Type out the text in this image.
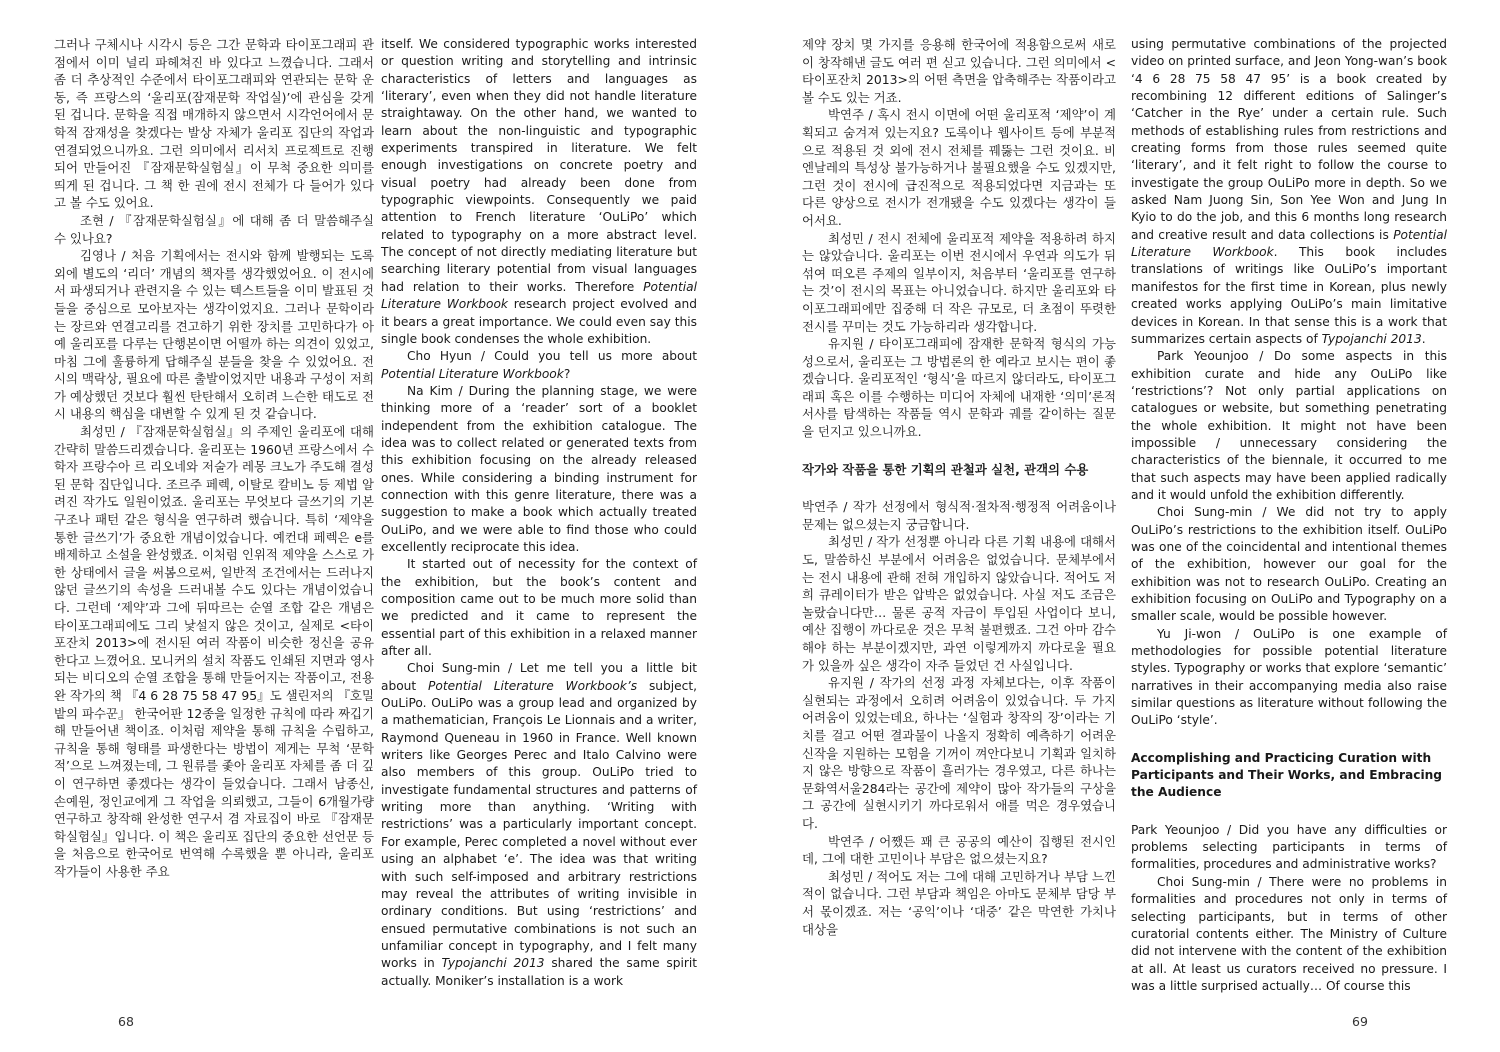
그러나 구체시나 시각시 등은 그간 문학과 타이포그래피 관점에서 이미 널리 파헤쳐진 바 있다고 느꼈습니다. 그래서 좀 더 추상적인 수준에서 타이포그래피와 연관되는 문학 운동, 즉 프랑스의 ‘울리포(잠재문학 작업실)’에 관심을 갖게 된 겁니다. 문학을 직접 매개하지 않으면서 시각언어에서 문학적 잠재성을 찾겠다는 발상 자체가 울리포 집단의 작업과 연결되었으니까요. 그런 의미에서 리서치 프로젝트로 진행되어 만들어진 『잠재문학실험실』이 무척 중요한 의미를 띄게 된 겁니다. 그 책 한 권에 전시 전체가 다 들어가 있다고 볼 수도 있어요.

조현 / 『잠재문학실험실』에 대해 좀 더 말씀해주실 수 있나요?

김영나 / 처음 기획에서는 전시와 함께 발행되는 도록 외에 별도의 ‘리더’ 개념의 책자를 생각했었어요. 이 전시에서 파생되거나 관련지을 수 있는 텍스트들을 이미 발표된 것들을 중심으로 모아보자는 생각이었지요. 그러나 문학이라는 장르와 연결고리를 견고하기 위한 장치를 고민하다가 아예 울리포를 다루는 단행본이면 어떨까 하는 의견이 있었고, 마침 그에 훌륭하게 답해주실 분들을 찾을 수 있었어요. 전시의 맥락상, 필요에 따른 출발이었지만 내용과 구성이 저희가 예상했던 것보다 훨씬 탄탄해서 오히려 느슨한 태도로 전시 내용의 핵심을 대변할 수 있게 된 것 같습니다.

최성민 / 『잠재문학실험실』의 주제인 울리포에 대해 간략히 말씀드리겠습니다. 울리포는 1960년 프랑스에서 수학자 프랑수아 르 리오네와 저술가 레몽 크노가 주도해 결성된 문학 집단입니다. 조르주 페렉, 이탈로 칼비노 등 제법 알려진 작가도 일원이었죠. 울리포는 무엇보다 글쓰기의 기본 구조나 패턴 같은 형식을 연구하려 했습니다. 특히 ‘제약을 통한 글쓰기’가 중요한 개념이었습니다. 예컨대 페렉은 e를 배제하고 소설을 완성했죠. 이처럼 인위적 제약을 스스로 가한 상태에서 글을 써봄으로써, 일반적 조건에서는 드러나지 않던 글쓰기의 속성을 드러내볼 수도 있다는 개념이었습니다. 그런데 ‘제약’과 그에 뒤따르는 순열 조합 같은 개념은 타이포그래피에도 그리 낯설지 않은 것이고, 실제로 <타이포잔치 2013>에 전시된 여러 작품이 비슷한 정신을 공유한다고 느꼈어요. 모니커의 설치 작품도 인쇄된 지면과 영사되는 비디오의 순열 조합을 통해 만들어지는 작품이고, 전용완 작가의 책 『4 6 28 75 58 47 95』도 샐린저의 『호밀밭의 파수꾼』 한국어판 12종을 일정한 규칙에 따라 짜깁기해 만들어낸 책이죠. 이처럼 제약을 통해 규칙을 수립하고, 규칙을 통해 형태를 파생한다는 방법이 제게는 무척 ‘문학적’으로 느껴졌는데, 그 원류를 좇아 울리포 자체를 좀 더 깊이 연구하면 좋겠다는 생각이 들었습니다. 그래서 남종신, 손예원, 정인교에게 그 작업을 의뢰했고, 그들이 6개월가량 연구하고 창작해 완성한 연구서 겸 자료집이 바로 『잠재문학실험실』입니다. 이 책은 울리포 집단의 중요한 선언문 등을 처음으로 한국어로 번역해 수록했을 뿐 아니라, 울리포 작가들이 사용한 주요

itself. We considered typographic works interested or question writing and storytelling and intrinsic characteristics of letters and languages as ‘literary’, even when they did not handle literature straightaway. On the other hand, we wanted to learn about the non-linguistic and typographic experiments transpired in literature. We felt enough investigations on concrete poetry and visual poetry had already been done from typographic viewpoints. Consequently we paid attention to French literature ‘OuLiPo’ which related to typography on a more abstract level. The concept of not directly mediating literature but searching literary potential from visual languages had relation to their works. Therefore Potential Literature Workbook research project evolved and it bears a great importance. We could even say this single book condenses the whole exhibition.

Cho Hyun / Could you tell us more about Potential Literature Workbook?

Na Kim / During the planning stage, we were thinking more of a ‘reader’ sort of a booklet independent from the exhibition catalogue. The idea was to collect related or generated texts from this exhibition focusing on the already released ones. While considering a binding instrument for connection with this genre literature, there was a suggestion to make a book which actually treated OuLiPo, and we were able to find those who could excellently reciprocate this idea.

It started out of necessity for the context of the exhibition, but the book’s content and composition came out to be much more solid than we predicted and it came to represent the essential part of this exhibition in a relaxed manner after all.

Choi Sung-min / Let me tell you a little bit about Potential Literature Workbook’s subject, OuLiPo. OuLiPo was a group lead and organized by a mathematician, François Le Lionnais and a writer, Raymond Queneau in 1960 in France. Well known writers like Georges Perec and Italo Calvino were also members of this group. OuLiPo tried to investigate fundamental structures and patterns of writing more than anything. ‘Writing with restrictions’ was a particularly important concept. For example, Perec completed a novel without ever using an alphabet ‘e’. The idea was that writing with such self-imposed and arbitrary restrictions may reveal the attributes of writing invisible in ordinary conditions. But using ‘restrictions’ and ensued permutative combinations is not such an unfamiliar concept in typography, and I felt many works in Typojanchi 2013 shared the same spirit actually. Moniker’s installation is a work

제약 장치 몇 가지를 응용해 한국어에 적용함으로써 새로이 창작해낸 글도 여러 편 싣고 있습니다. 그런 의미에서 <타이포잔치 2013>의 어떤 측면을 압축해주는 작품이라고 볼 수도 있는 거죠.

박연주 / 혹시 전시 이면에 어떤 울리포적 ‘제약’이 계획되고 숨겨져 있는지요? 도록이나 웹사이트 등에 부분적으로 적용된 것 외에 전시 전체를 꿰뚫는 그런 것이요. 비엔날레의 특성상 불가능하거나 불필요했을 수도 있겠지만, 그런 것이 전시에 급진적으로 적용되었다면 지금과는 또 다른 양상으로 전시가 전개됐을 수도 있겠다는 생각이 들어서요.

최성민 / 전시 전체에 울리포적 제약을 적용하려 하지는 않았습니다. 울리포는 이번 전시에서 우연과 의도가 뒤섞여 떠오른 주제의 일부이지, 처음부터 ‘울리포를 연구하는 것’이 전시의 목표는 아니었습니다. 하지만 울리포와 타이포그래피에만 집중해 더 작은 규모로, 더 초점이 뚜렷한 전시를 꾸미는 것도 가능하리라 생각합니다.

유지원 / 타이포그래피에 잠재한 문학적 형식의 가능성으로서, 울리포는 그 방법론의 한 예라고 보시는 편이 좋겠습니다. 울리포적인 ‘형식’을 따르지 않더라도, 타이포그래피 혹은 이를 수행하는 미디어 자체에 내재한 ‘의미’론적 서사를 탐색하는 작품들 역시 문학과 궤를 같이하는 질문을 던지고 있으니까요.

작가와 작품을 통한 기획의 관철과 실천, 관객의 수용

박연주 / 작가 선정에서 형식적·절차적·행정적 어려움이나 문제는 없으셨는지 궁금합니다.

최성민 / 작가 선정뿐 아니라 다른 기획 내용에 대해서도, 말씀하신 부분에서 어려움은 없었습니다. 문체부에서는 전시 내용에 관해 전혀 개입하지 않았습니다. 적어도 저희 큐레이터가 받은 압박은 없었습니다. 사실 저도 조금은 놀랐습니다만… 물론 공적 자금이 투입된 사업이다 보니, 예산 집행이 까다로운 것은 무척 불편했죠. 그건 아마 감수해야 하는 부분이겠지만, 과연 이렇게까지 까다로울 필요가 있을까 싶은 생각이 자주 들었던 건 사실입니다.

유지원 / 작가의 선정 과정 자체보다는, 이후 작품이 실현되는 과정에서 오히려 어려움이 있었습니다. 두 가지 어려움이 있었는데요, 하나는 ‘실험과 창작의 장’이라는 기치를 걸고 어떤 결과물이 나올지 정확히 예측하기 어려운 신작을 지원하는 모험을 기꺼이 껴안다보니 기획과 일치하지 않은 방향으로 작품이 흘러가는 경우였고, 다른 하나는 문화역서울284라는 공간에 제약이 많아 작가들의 구상을 그 공간에 실현시키기 까다로워서 애를 먹은 경우였습니다.

박연주 / 어쨌든 꽤 큰 공공의 예산이 집행된 전시인데, 그에 대한 고민이나 부담은 없으셨는지요?

최성민 / 적어도 저는 그에 대해 고민하거나 부담 느낀 적이 없습니다. 그런 부담과 책임은 아마도 문체부 담당 부서 몫이겠죠. 저는 ‘공익’이나 ‘대중’ 같은 막연한 가치나 대상을

using permutative combinations of the projected video on printed surface, and Jeon Yong-wan’s book ‘4 6 28 75 58 47 95’ is a book created by recombining 12 different editions of Salinger’s ‘Catcher in the Rye’ under a certain rule. Such methods of establishing rules from restrictions and creating forms from those rules seemed quite ‘literary’, and it felt right to follow the course to investigate the group OuLiPo more in depth. So we asked Nam Juong Sin, Son Yee Won and Jung In Kyio to do the job, and this 6 months long research and creative result and data collections is Potential Literature Workbook. This book includes translations of writings like OuLiPo’s important manifestos for the first time in Korean, plus newly created works applying OuLiPo’s main limitative devices in Korean. In that sense this is a work that summarizes certain aspects of Typojanchi 2013.

Park Yeounjoo / Do some aspects in this exhibition curate and hide any OuLiPo like ‘restrictions’? Not only partial applications on catalogues or website, but something penetrating the whole exhibition. It might not have been impossible / unnecessary considering the characteristics of the biennale, it occurred to me that such aspects may have been applied radically and it would unfold the exhibition differently.

Choi Sung-min / We did not try to apply OuLiPo’s restrictions to the exhibition itself. OuLiPo was one of the coincidental and intentional themes of the exhibition, however our goal for the exhibition was not to research OuLiPo. Creating an exhibition focusing on OuLiPo and Typography on a smaller scale, would be possible however.

Yu Ji-won / OuLiPo is one example of methodologies for possible potential literature styles. Typography or works that explore ‘semantic’ narratives in their accompanying media also raise similar questions as literature without following the OuLiPo ‘style’.

Accomplishing and Practicing Curation with Participants and Their Works, and Embracing the Audience

Park Yeounjoo / Did you have any difficulties or problems selecting participants in terms of formalities, procedures and administrative works?

Choi Sung-min / There were no problems in formalities and procedures not only in terms of selecting participants, but in terms of other curatorial contents either. The Ministry of Culture did not intervene with the content of the exhibition at all. At least us curators received no pressure. I was a little surprised actually… Of course this

68	69
